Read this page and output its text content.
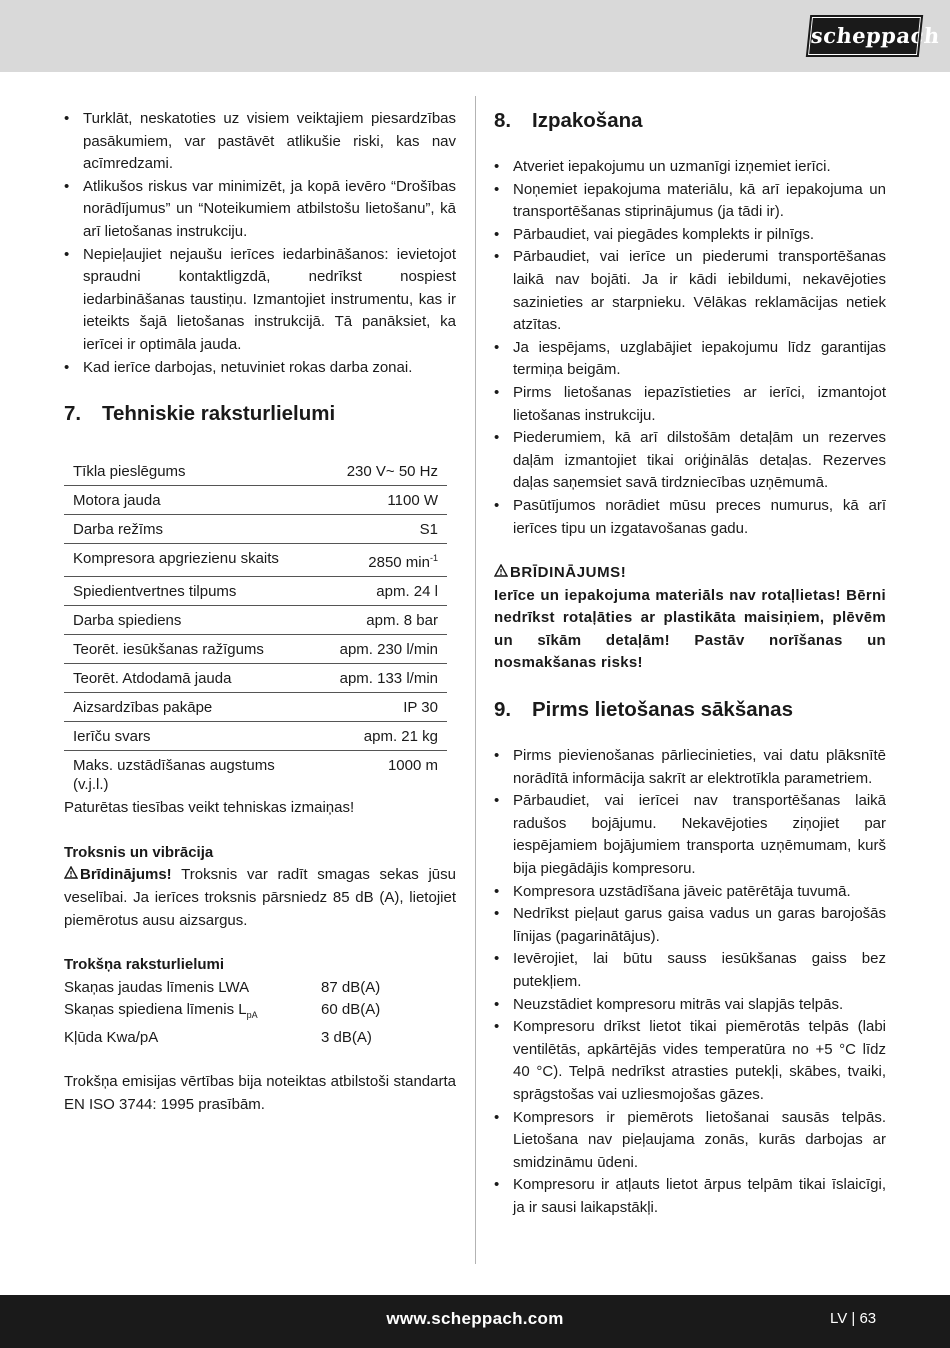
scheppach
• Turklāt, neskatoties uz visiem veiktajiem piesardzības pasākumiem, var pastāvēt atlikušie riski, kas nav acīmredzami.
• Atlikušos riskus var minimizēt, ja kopā ievēro “Drošības norādījumus” un “Noteikumiem atbilstošu lietošanu”, kā arī lietošanas instrukciju.
• Nepieļaujiet nejaušu ierīces iedarbināšanos: ievietojot spraudni kontaktligzdā, nedrīkst nospiest iedarbināšanas taustiņu. Izmantojiet instrumentu, kas ir ieteikts šajā lietošanas instrukcijā. Tā panāksiet, ka ierīcei ir optimāla jauda.
• Kad ierīce darbojas, netuviniet rokas darba zonai.
7.	Tehniskie raksturlielumi
Tīkla pieslēgums	230 V~ 50 Hz
Motora jauda	1100 W
Darba režīms	S1
Kompresora apgriezienu skaits	2850 $\min^{-1}$
Spiedientvertnes tilpums	apm. 24 l
Darba spiediens	apm. 8 bar
Teorēt. iesūkšanas ražīgums	apm. 230 l/min
Teorēt. Atdodamā jauda	apm. 133 l/min
Aizsardzības pakāpe	IP 30
Ierīču svars	apm. 21 kg
Maks. uzstādīšanas augstums (v.j.l.)	1000 m

Paturētas tiesības veikt tehniskas izmaiņas!

Troksnis un vibrācija

Brīdinājums! Troksnis var radīt smagas sekas jūsu veselībai. Ja ierīces troksnis pārsniedz 85 dB (A), lietojiet piemērotus ausu aizsargus.

Trokšņa raksturlielumi

Skaņas jaudas līmenis LWA	87 dB(A)
Skaņas spiediena līmenis $L_{pA}$	60 dB(A)
Kļūda Kwa/pA	3 dB(A)

Trokšņa emisijas vērtības bija noteiktas atbilstoši standarta EN ISO 3744: 1995 prasībām.

8.	Izpakošana
• Atveriet iepakojumu un uzmanīgi izņemiet ierīci.
• Noņemiet iepakojuma materiālu, kā arī iepakojuma un transportēšanas stiprinājumus (ja tādi ir).
• Pārbaudiet, vai piegādes komplekts ir pilnīgs.
• Pārbaudiet, vai ierīce un piederumi transportēšanas laikā nav bojāti. Ja ir kādi iebildumi, nekavējoties sazinieties ar starpnieku. Vēlākas reklamācijas netiek atzītas.
• Ja iespējams, uzglabājiet iepakojumu līdz garantijas termiņa beigām.
• Pirms lietošanas iepazīstieties ar ierīci, izmantojot lietošanas instrukciju.
• Piederumiem, kā arī dilstošām detaļām un rezerves daļām izmantojiet tikai oriģinālās detaļas. Rezerves daļas saņemsiet savā tirdzniecības uzņēmumā.
• Pasūtījumos norādiet mūsu preces numurus, kā arī ierīces tipu un izgatavošanas gadu.

BRĪDINĀJUMS!

Ierīce un iepakojuma materiāls nav rotaļlietas! Bērni nedrīkst rotaļāties ar plastikāta maisiņiem, plēvēm un sīkām detaļām! Pastāv norīšanas un nosmakšanas risks!

9.	Pirms lietošanas sākšanas
• Pirms pievienošanas pārliecinieties, vai datu plāksnītē norādītā informācija sakrīt ar elektrotīkla parametriem.
• Pārbaudiet, vai ierīcei nav transportēšanas laikā radušos bojājumu. Nekavējoties ziņojiet par iespējamiem bojājumiem transporta uzņēmumam, kurš bija piegādājis kompresoru.
• Kompresora uzstādīšana jāveic patērētāja tuvumā.
• Nedrīkst pieļaut garus gaisa vadus un garas barojošās līnijas (pagarinātājus).
• Ievērojiet, lai būtu sauss iesūkšanas gaiss bez putekļiem.
• Neuzstādiet kompresoru mitrās vai slapjās telpās.
• Kompresoru drīkst lietot tikai piemērotās telpās (labi ventilētās, apkārtējās vides temperatūra no +5 °C līdz 40 °C). Telpā nedrīkst atrasties putekļi, skābes, tvaiki, sprāgstošas vai uzliesmojošas gāzes.
• Kompresors ir piemērots lietošanai sausās telpās. Lietošana nav pieļaujama zonās, kurās darbojas ar smidzināmu ūdeni.
• Kompresoru ir atļauts lietot ārpus telpām tikai īslaicīgi, ja ir sausi laikapstākļi.
www.scheppach.com	LV | 63
